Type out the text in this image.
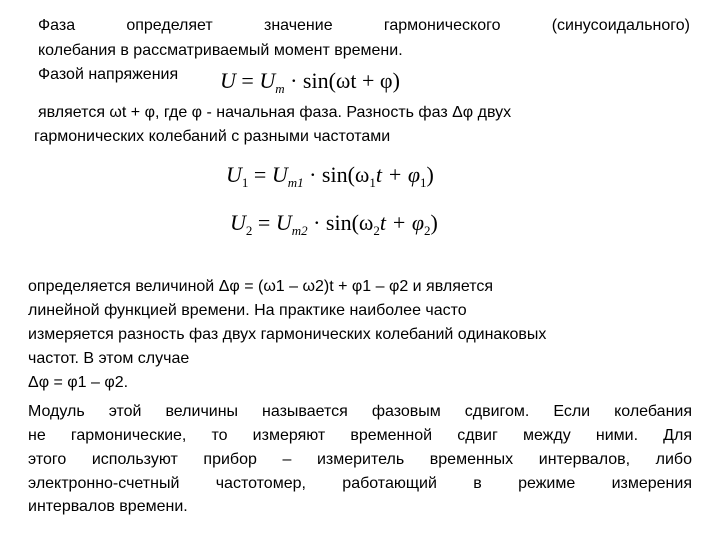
Фаза определяет значение гармонического (синусоидального)
колебания в рассматриваемый момент времени.
Фазой напряжения $U = U_m \cdot \sin(\omega t + \varphi)$
является ωt + φ, где φ - начальная фаза. Разность фаз Δφ двух
гармонических колебаний с разными частотами
$U_1 = U_{m1} \cdot \sin(\omega_1t + \varphi_1)$
$U_2 = U_{m2} \cdot \sin(\omega_2t + \varphi_2)$
определяется величиной Δφ = (ω1 – ω2)t + φ1 – φ2 и является
линейной функцией времени. На практике наиболее часто
измеряется разность фаз двух гармонических колебаний одинаковых
частот. В этом случае
Δφ = φ1 – φ2.
Модуль этой величины называется фазовым сдвигом. Если колебания
не гармонические, то измеряют временной сдвиг между ними. Для
этого используют прибор – измеритель временных интервалов, либо
электронно-счетный частотомер, работающий в режиме измерения
интервалов времени.
